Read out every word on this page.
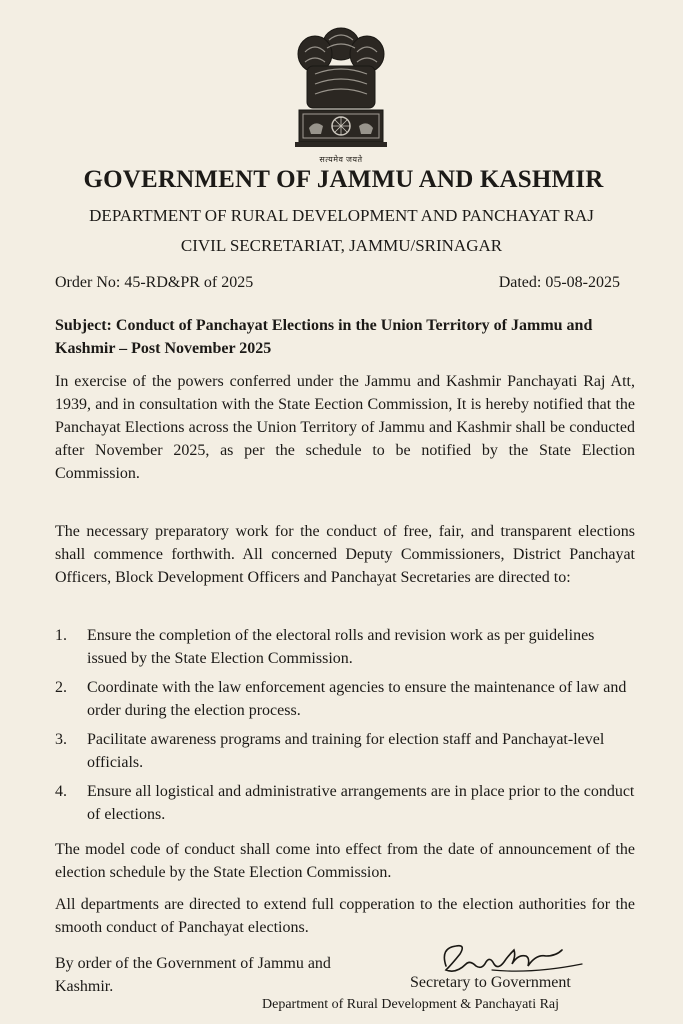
सत्यमेव जयते
GOVERNMENT OF JAMMU AND KASHMIR

DEPARTMENT OF RURAL DEVELOPMENT AND PANCHAYAT RAJ

CIVIL SECRETARIAT, JAMMU/SRINAGAR

Order No: 45-RD&PR of 2025	Dated: 05-08-2025

Subject: Conduct of Panchayat Elections in the Union Territory of Jammu and Kashmir – Post November 2025

In exercise of the powers conferred under the Jammu and Kashmir Panchayati Raj Att, 1939, and in consultation with the State Eection Commission, It is hereby notified that the Panchayat Elections across the Union Territory of Jammu and Kashmir shall be conducted after November 2025, as per the schedule to be notified by the State Election Commission.

The necessary preparatory work for the conduct of free, fair, and transparent elections shall commence forthwith. All concerned Deputy Commissioners, District Panchayat Officers, Block Development Officers and Panchayat Secretaries are directed to:

1. Ensure the completion of the electoral rolls and revision work as per guidelines issued by the State Election Commission.
2. Coordinate with the law enforcement agencies to ensure the maintenance of law and order during the election process.
3. Pacilitate awareness programs and training for election staff and Panchayat-level officials.
4. Ensure all logistical and administrative arrangements are in place prior to the conduct of elections.

The model code of conduct shall come into effect from the date of announcement of the election schedule by the State Election Commission.

All departments are directed to extend full copperation to the election authorities for the smooth conduct of Panchayat elections.

By order of the Government of Jammu and Kashmir.	Secretary to Government

Department of Rural Development & Panchayati Raj
